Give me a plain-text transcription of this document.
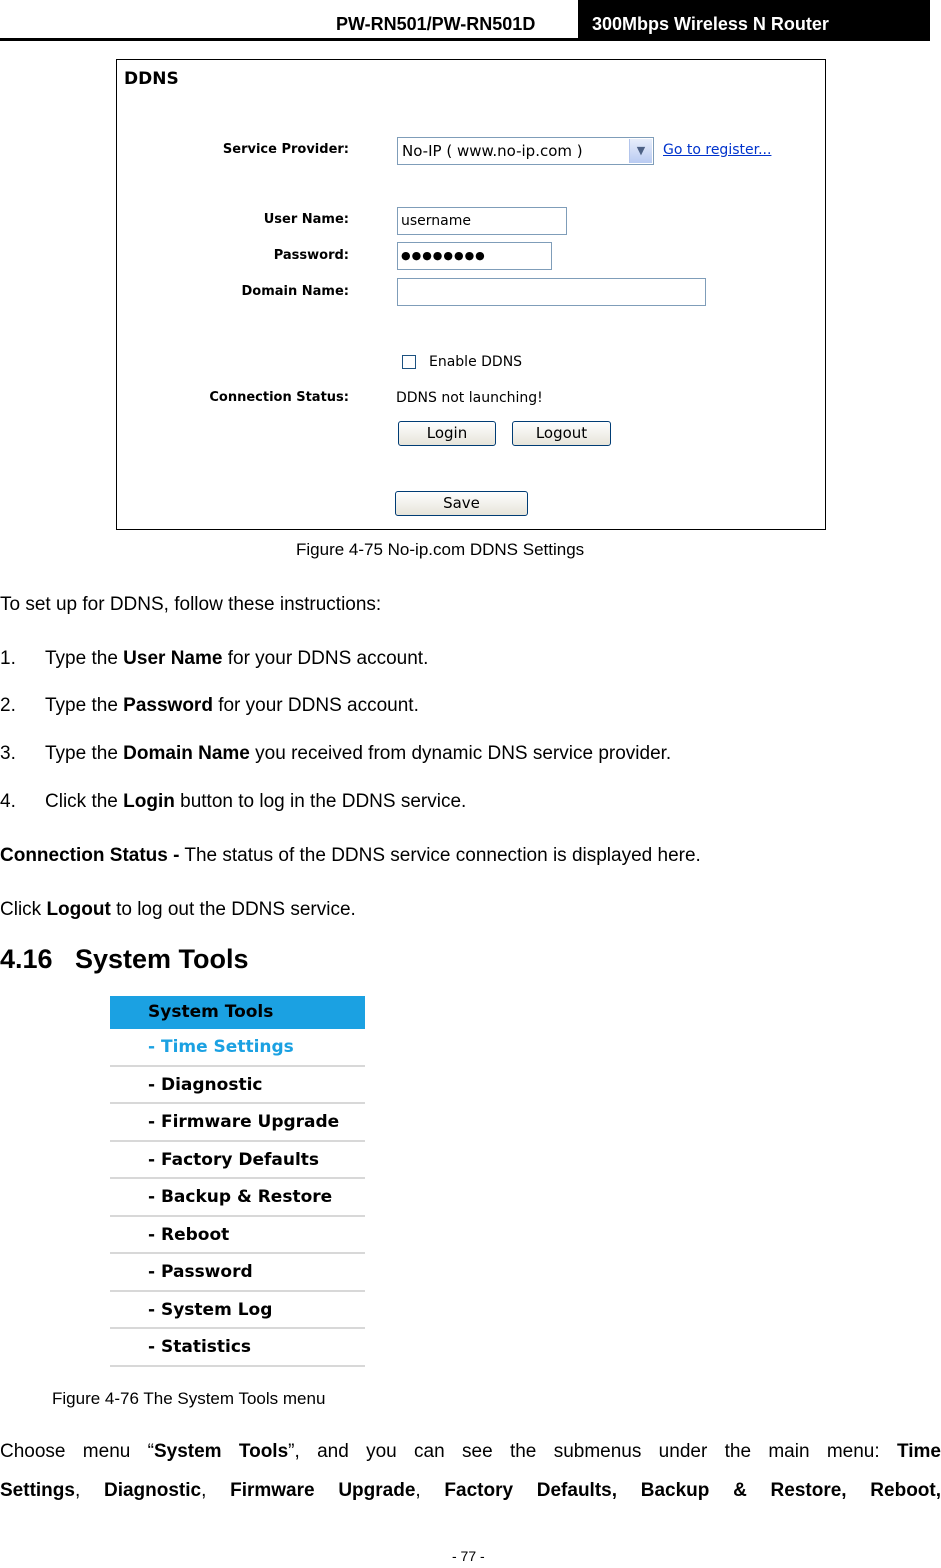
PW-RN501/PW-RN501D	300Mbps Wireless N Router
DDNS
Service Provider:	No-IP ( www.no-ip.com )	▼	Go to register...
User Name:	username
Password:	●●●●●●●●
Domain Name:
Enable DDNS
Connection Status:	DDNS not launching!
Login	Logout
Save
Figure 4-75 No-ip.com DDNS Settings
To set up for DDNS, follow these instructions:
1. Type the User Name for your DDNS account.
2. Type the Password for your DDNS account.
3. Type the Domain Name you received from dynamic DNS service provider.
4. Click the Login button to log in the DDNS service.
Connection Status - The status of the DDNS service connection is displayed here.
Click Logout to log out the DDNS service.
4.16 System Tools
System Tools
- Time Settings
- Diagnostic
- Firmware Upgrade
- Factory Defaults
- Backup & Restore
- Reboot
- Password
- System Log
- Statistics
Figure 4-76 The System Tools menu
Choose menu “System Tools”, and you can see the submenus under the main menu: Time
Settings, Diagnostic, Firmware Upgrade, Factory Defaults, Backup & Restore, Reboot,
- 77 -
